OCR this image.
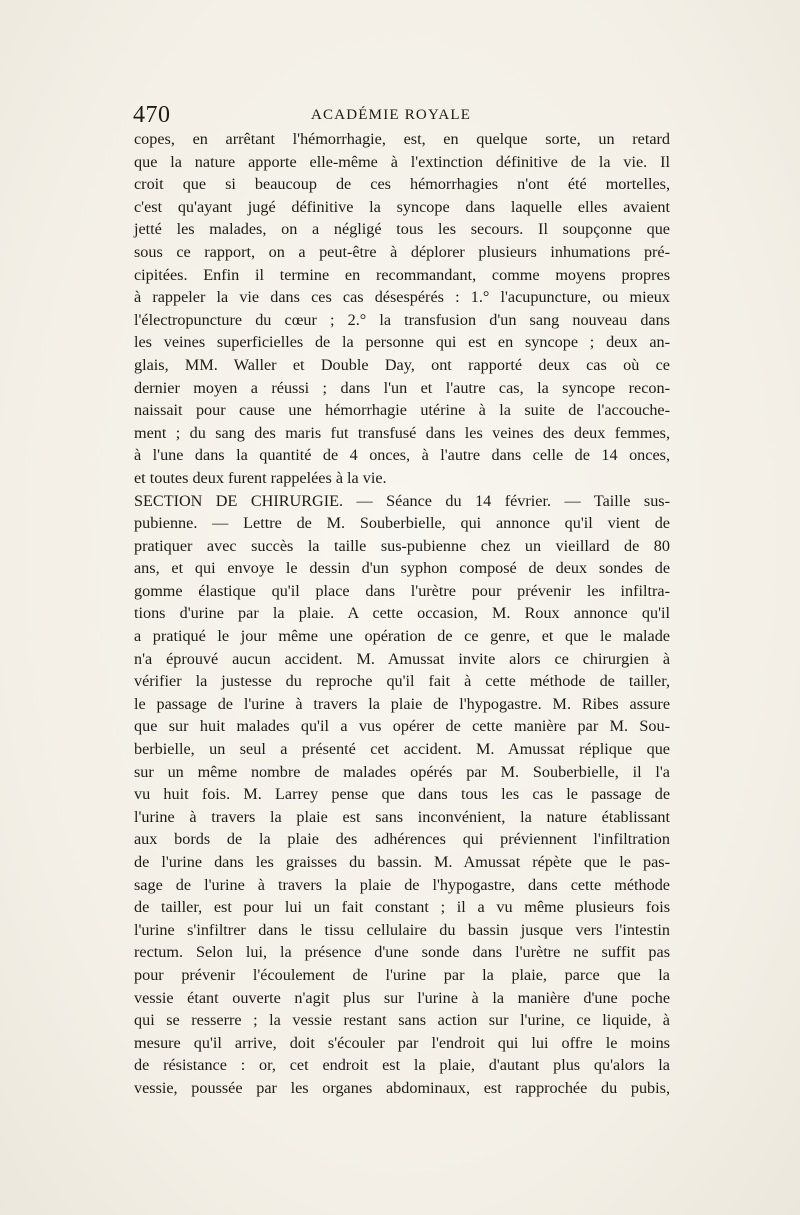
470	ACADÉMIE ROYALE
copes, en arrêtant l'hémorrhagie, est, en quelque sorte, un retard
que la nature apporte elle-même à l'extinction définitive de la vie. Il
croit que si beaucoup de ces hémorrhagies n'ont été mortelles,
c'est qu'ayant jugé définitive la syncope dans laquelle elles avaient
jetté les malades, on a négligé tous les secours. Il soupçonne que
sous ce rapport, on a peut-être à déplorer plusieurs inhumations pré-
cipitées. Enfin il termine en recommandant, comme moyens propres
à rappeler la vie dans ces cas désespérés : 1.° l'acupuncture, ou mieux
l'électropuncture du cœur ; 2.° la transfusion d'un sang nouveau dans
les veines superficielles de la personne qui est en syncope ; deux an-
glais, MM. Waller et Double Day, ont rapporté deux cas où ce
dernier moyen a réussi ; dans l'un et l'autre cas, la syncope recon-
naissait pour cause une hémorrhagie utérine à la suite de l'accouche-
ment ; du sang des maris fut transfusé dans les veines des deux femmes,
à l'une dans la quantité de 4 onces, à l'autre dans celle de 14 onces,
et toutes deux furent rappelées à la vie.
SECTION DE CHIRURGIE. — Séance du 14 février. — Taille sus-
pubienne. — Lettre de M. Souberbielle, qui annonce qu'il vient de
pratiquer avec succès la taille sus-pubienne chez un vieillard de 80
ans, et qui envoye le dessin d'un syphon composé de deux sondes de
gomme élastique qu'il place dans l'urètre pour prévenir les infiltra-
tions d'urine par la plaie. A cette occasion, M. Roux annonce qu'il
a pratiqué le jour même une opération de ce genre, et que le malade
n'a éprouvé aucun accident. M. Amussat invite alors ce chirurgien à
vérifier la justesse du reproche qu'il fait à cette méthode de tailler,
le passage de l'urine à travers la plaie de l'hypogastre. M. Ribes assure
que sur huit malades qu'il a vus opérer de cette manière par M. Sou-
berbielle, un seul a présenté cet accident. M. Amussat réplique que
sur un même nombre de malades opérés par M. Souberbielle, il l'a
vu huit fois. M. Larrey pense que dans tous les cas le passage de
l'urine à travers la plaie est sans inconvénient, la nature établissant
aux bords de la plaie des adhérences qui préviennent l'infiltration
de l'urine dans les graisses du bassin. M. Amussat répète que le pas-
sage de l'urine à travers la plaie de l'hypogastre, dans cette méthode
de tailler, est pour lui un fait constant ; il a vu même plusieurs fois
l'urine s'infiltrer dans le tissu cellulaire du bassin jusque vers l'intestin
rectum. Selon lui, la présence d'une sonde dans l'urètre ne suffit pas
pour prévenir l'écoulement de l'urine par la plaie, parce que la
vessie étant ouverte n'agit plus sur l'urine à la manière d'une poche
qui se resserre ; la vessie restant sans action sur l'urine, ce liquide, à
mesure qu'il arrive, doit s'écouler par l'endroit qui lui offre le moins
de résistance : or, cet endroit est la plaie, d'autant plus qu'alors la
vessie, poussée par les organes abdominaux, est rapprochée du pubis,
